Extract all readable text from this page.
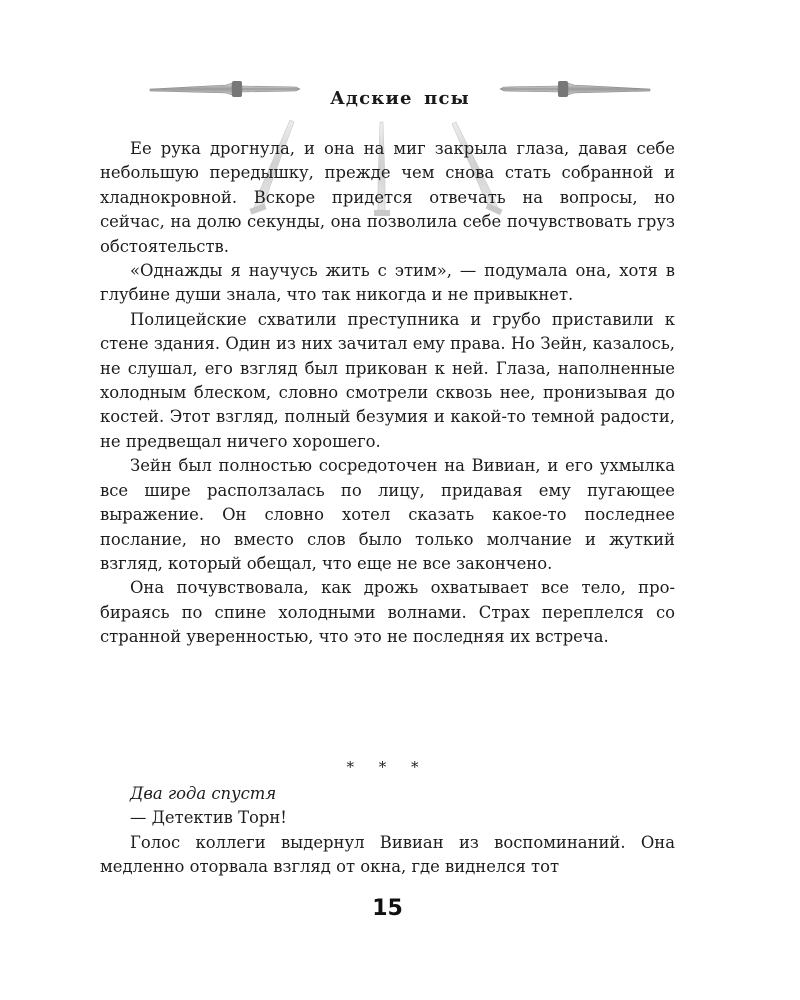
Адские псы

Ее рука дрогнула, и она на миг закрыла глаза, давая себе небольшую передышку, прежде чем снова стать собранной и хладнокровной. Вскоре придется отвечать на вопросы, но сейчас, на долю секунды, она позволила себе почувствовать груз обстоятельств.

«Однажды я научусь жить с этим», — подумала она, хотя в глубине души знала, что так никогда и не привыкнет.

Полицейские схватили преступника и грубо приставили к стене здания. Один из них зачитал ему права. Но Зейн, казалось, не слушал, его взгляд был прикован к ней. Глаза, наполненные холодным блеском, словно смотрели сквозь нее, пронизывая до костей. Этот взгляд, полный безумия и какой-то темной радости, не предвещал ничего хорошего.

Зейн был полностью сосредоточен на Вивиан, и его ухмылка все шире расползалась по лицу, придавая ему пугающее выражение. Он словно хотел сказать какое-то последнее послание, но вместо слов было только молчание и жуткий взгляд, который обещал, что еще не все закончено.

Она почувствовала, как дрожь охватывает все тело, пробираясь по спине холодными волнами. Страх переплелся со странной уверенностью, что это не последняя их встреча.

* * *

Два года спустя

— Детектив Торн!

Голос коллеги выдернул Вивиан из воспоминаний. Она медленно оторвала взгляд от окна, где виднелся тот

15
